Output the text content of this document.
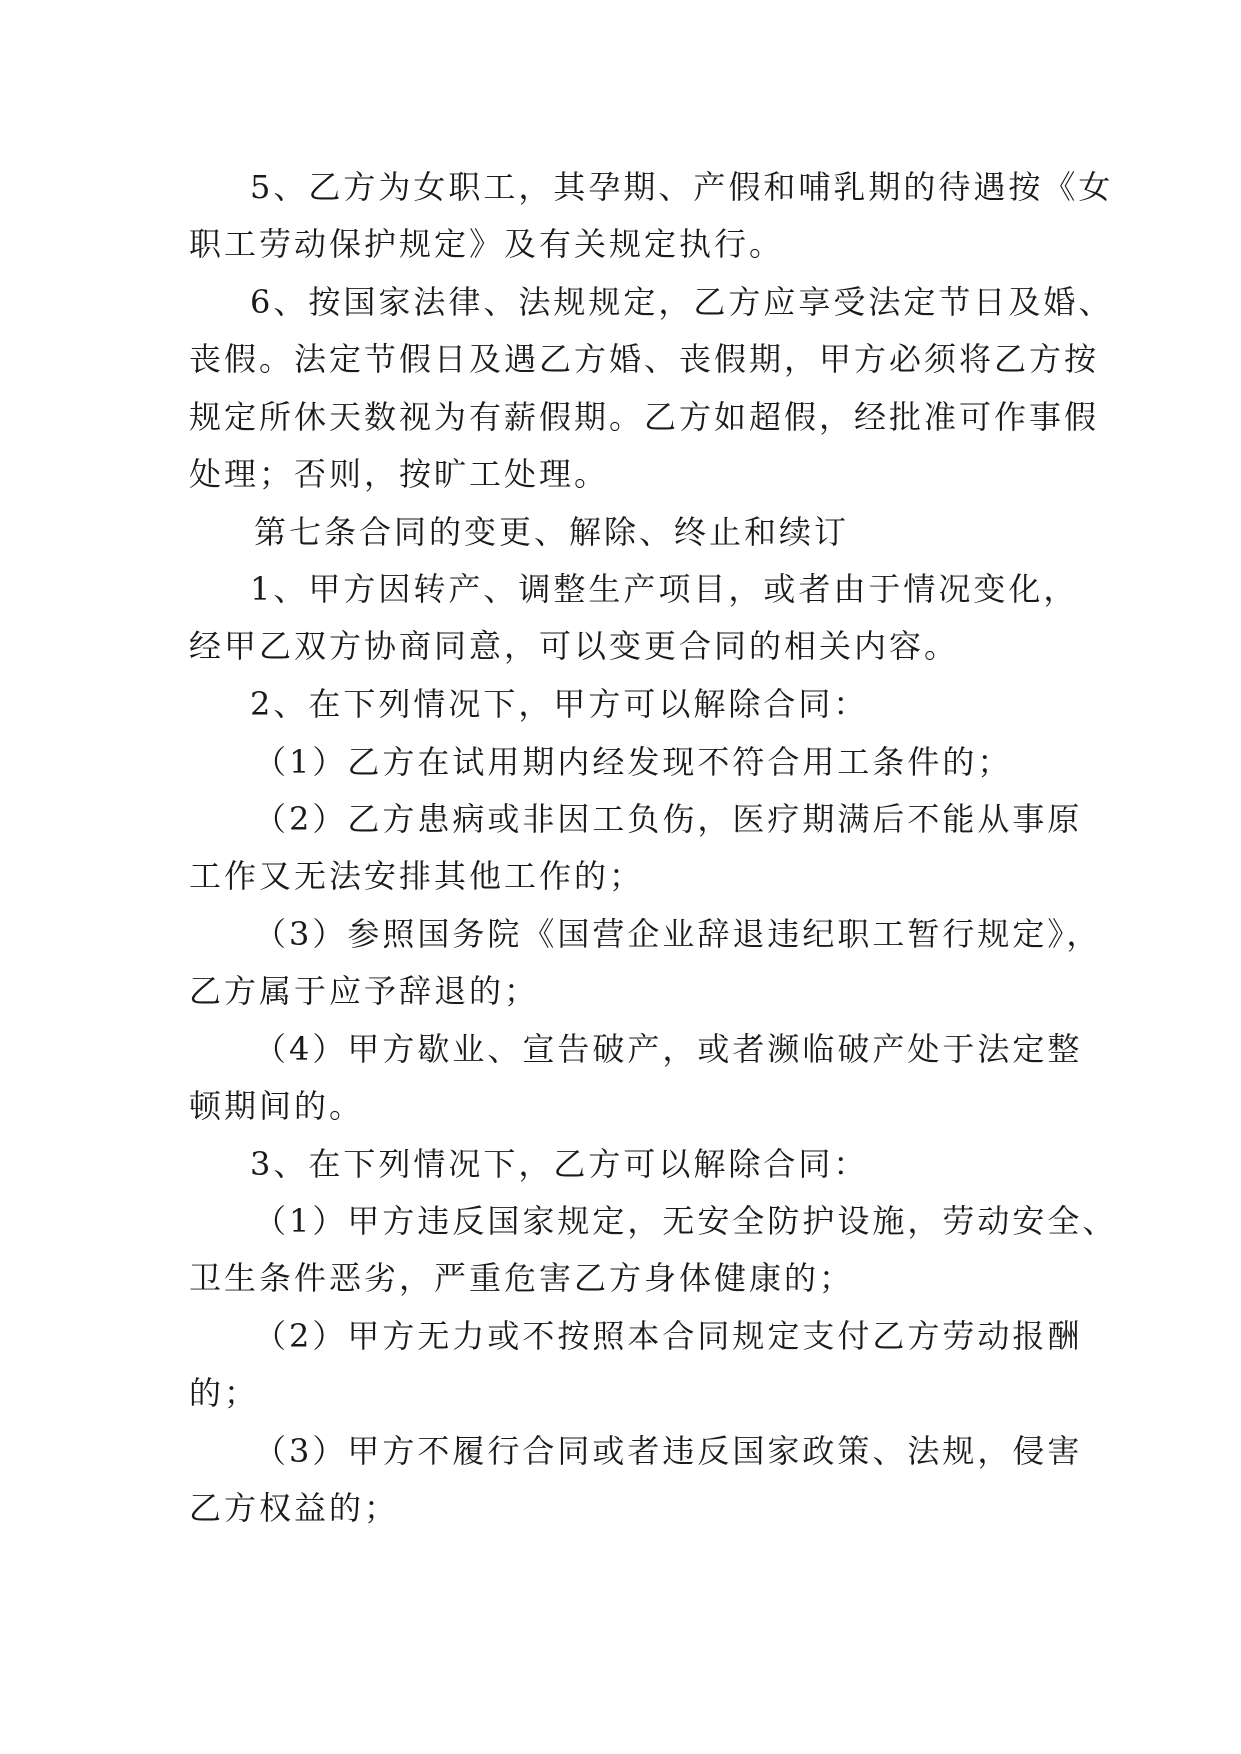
5、乙方为女职工，其孕期、产假和哺乳期的待遇按《女
职工劳动保护规定》及有关规定执行。
6、按国家法律、法规规定，乙方应享受法定节日及婚、
丧假。法定节假日及遇乙方婚、丧假期，甲方必须将乙方按
规定所休天数视为有薪假期。乙方如超假，经批准可作事假
处理；否则，按旷工处理。
第七条合同的变更、解除、终止和续订
1、甲方因转产、调整生产项目，或者由于情况变化，
经甲乙双方协商同意，可以变更合同的相关内容。
2、在下列情况下，甲方可以解除合同：
（1）乙方在试用期内经发现不符合用工条件的；
（2）乙方患病或非因工负伤，医疗期满后不能从事原
工作又无法安排其他工作的；
（3）参照国务院《国营企业辞退违纪职工暂行规定》，
乙方属于应予辞退的；
（4）甲方歇业、宣告破产，或者濒临破产处于法定整
顿期间的。
3、在下列情况下，乙方可以解除合同：
（1）甲方违反国家规定，无安全防护设施，劳动安全、
卫生条件恶劣，严重危害乙方身体健康的；
（2）甲方无力或不按照本合同规定支付乙方劳动报酬
的；
（3）甲方不履行合同或者违反国家政策、法规，侵害
乙方权益的；
